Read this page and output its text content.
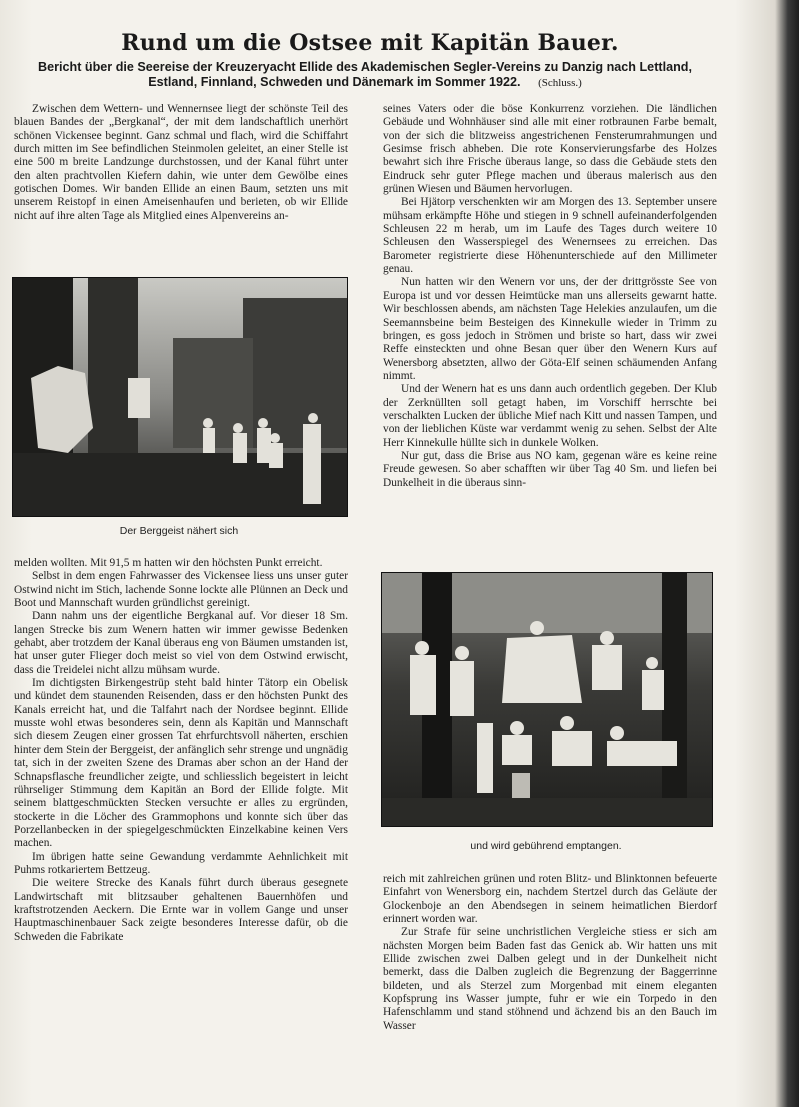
Rund um die Ostsee mit Kapitän Bauer.
Bericht über die Seereise der Kreuzeryacht Ellide des Akademischen Segler-Vereins zu Danzig nach Lettland, Estland, Finnland, Schweden und Dänemark im Sommer 1922. (Schluss.)

Zwischen dem Wettern- und Wennernsee liegt der schönste Teil des blauen Bandes der „Bergkanal“, der mit dem landschaftlich unerhört schönen Vickensee beginnt. Ganz schmal und flach, wird die Schiffahrt durch mitten im See befindlichen Steinmolen geleitet, an einer Stelle ist eine 500 m breite Landzunge durchstossen, und der Kanal führt unter den alten prachtvollen Kiefern dahin, wie unter dem Gewölbe eines gotischen Domes. Wir banden Ellide an einen Baum, setzten uns mit unserem Reistopf in einen Ameisenhaufen und berieten, ob wir Ellide nicht auf ihre alten Tage als Mitglied eines Alpenvereins an-

Der Berggeist nähert sich

melden wollten. Mit 91,5 m hatten wir den höchsten Punkt erreicht.

Selbst in dem engen Fahrwasser des Vickensee liess uns unser guter Ostwind nicht im Stich, lachende Sonne lockte alle Plünnen an Deck und Boot und Mannschaft wurden gründlichst gereinigt.

Dann nahm uns der eigentliche Bergkanal auf. Vor dieser 18 Sm. langen Strecke bis zum Wenern hatten wir immer gewisse Bedenken gehabt, aber trotzdem der Kanal überaus eng von Bäumen umstanden ist, hat unser guter Flieger doch meist so viel von dem Ostwind erwischt, dass die Treidelei nicht allzu mühsam wurde.

Im dichtigsten Birkengestrüp steht bald hinter Tätorp ein Obelisk und kündet dem staunenden Reisenden, dass er den höchsten Punkt des Kanals erreicht hat, und die Talfahrt nach der Nordsee beginnt. Ellide musste wohl etwas besonderes sein, denn als Kapitän und Mannschaft sich diesem Zeugen einer grossen Tat ehrfurchtsvoll näherten, erschien hinter dem Stein der Berggeist, der anfänglich sehr strenge und ungnädig tat, sich in der zweiten Szene des Dramas aber schon an der Hand der Schnapsflasche freundlicher zeigte, und schliesslich begeistert in leicht rührseliger Stimmung dem Kapitän an Bord der Ellide folgte. Mit seinem blattgeschmückten Stecken versuchte er alles zu ergründen, stockerte in die Löcher des Grammophons und konnte sich über das Porzellanbecken in der spiegelgeschmückten Einzelkabine keinen Vers machen.

Im übrigen hatte seine Gewandung verdammte Aehnlichkeit mit Puhms rotkariertem Bettzeug.

Die weitere Strecke des Kanals führt durch überaus gesegnete Landwirtschaft mit blitzsauber gehaltenen Bauernhöfen und kraftstrotzenden Aeckern. Die Ernte war in vollem Gange und unser Hauptmaschinenbauer Sack zeigte besonderes Interesse dafür, ob die Schweden die Fabrikate

seines Vaters oder die böse Konkurrenz vorziehen. Die ländlichen Gebäude und Wohnhäuser sind alle mit einer rotbraunen Farbe bemalt, von der sich die blitzweiss angestrichenen Fensterumrahmungen und Gesimse frisch abheben. Die rote Konservierungsfarbe des Holzes bewahrt sich ihre Frische überaus lange, so dass die Gebäude stets den Eindruck sehr guter Pflege machen und überaus malerisch aus den grünen Wiesen und Bäumen hervorlugen.

Bei Hjätorp verschenkten wir am Morgen des 13. September unsere mühsam erkämpfte Höhe und stiegen in 9 schnell aufeinanderfolgenden Schleusen 22 m herab, um im Laufe des Tages durch weitere 10 Schleusen den Wasserspiegel des Wenernsees zu erreichen. Das Barometer registrierte diese Höhenunterschiede auf den Millimeter genau.

Nun hatten wir den Wenern vor uns, der der drittgrösste See von Europa ist und vor dessen Heimtücke man uns allerseits gewarnt hatte. Wir beschlossen abends, am nächsten Tage Helekies anzulaufen, um die Seemannsbeine beim Besteigen des Kinnekulle wieder in Trimm zu bringen, es goss jedoch in Strömen und briste so hart, dass wir zwei Reffe einsteckten und ohne Besan quer über den Wenern Kurs auf Wenersborg absetzten, allwo der Göta-Elf seinen schäumenden Anfang nimmt.

Und der Wenern hat es uns dann auch ordentlich gegeben. Der Klub der Zerknüllten soll getagt haben, im Vorschiff herrschte bei verschalkten Lucken der übliche Mief nach Kitt und nassen Tampen, und von der lieblichen Küste war verdammt wenig zu sehen. Selbst der Alte Herr Kinnekulle hüllte sich in dunkele Wolken.

Nur gut, dass die Brise aus NO kam, gegenan wäre es keine reine Freude gewesen. So aber schafften wir über Tag 40 Sm. und liefen bei Dunkelheit in die überaus sinn-

und wird gebührend emptangen.

reich mit zahlreichen grünen und roten Blitz- und Blinktonnen befeuerte Einfahrt von Wenersborg ein, nachdem Stertzel durch das Geläute der Glockenboje an den Abendsegen in seinem heimatlichen Bierdorf erinnert worden war.

Zur Strafe für seine unchristlichen Vergleiche stiess er sich am nächsten Morgen beim Baden fast das Genick ab. Wir hatten uns mit Ellide zwischen zwei Dalben gelegt und in der Dunkelheit nicht bemerkt, dass die Dalben zugleich die Begrenzung der Baggerrinne bildeten, und als Sterzel zum Morgenbad mit einem eleganten Kopfsprung ins Wasser jumpte, fuhr er wie ein Torpedo in den Hafenschlamm und stand stöhnend und ächzend bis an den Bauch im Wasser
